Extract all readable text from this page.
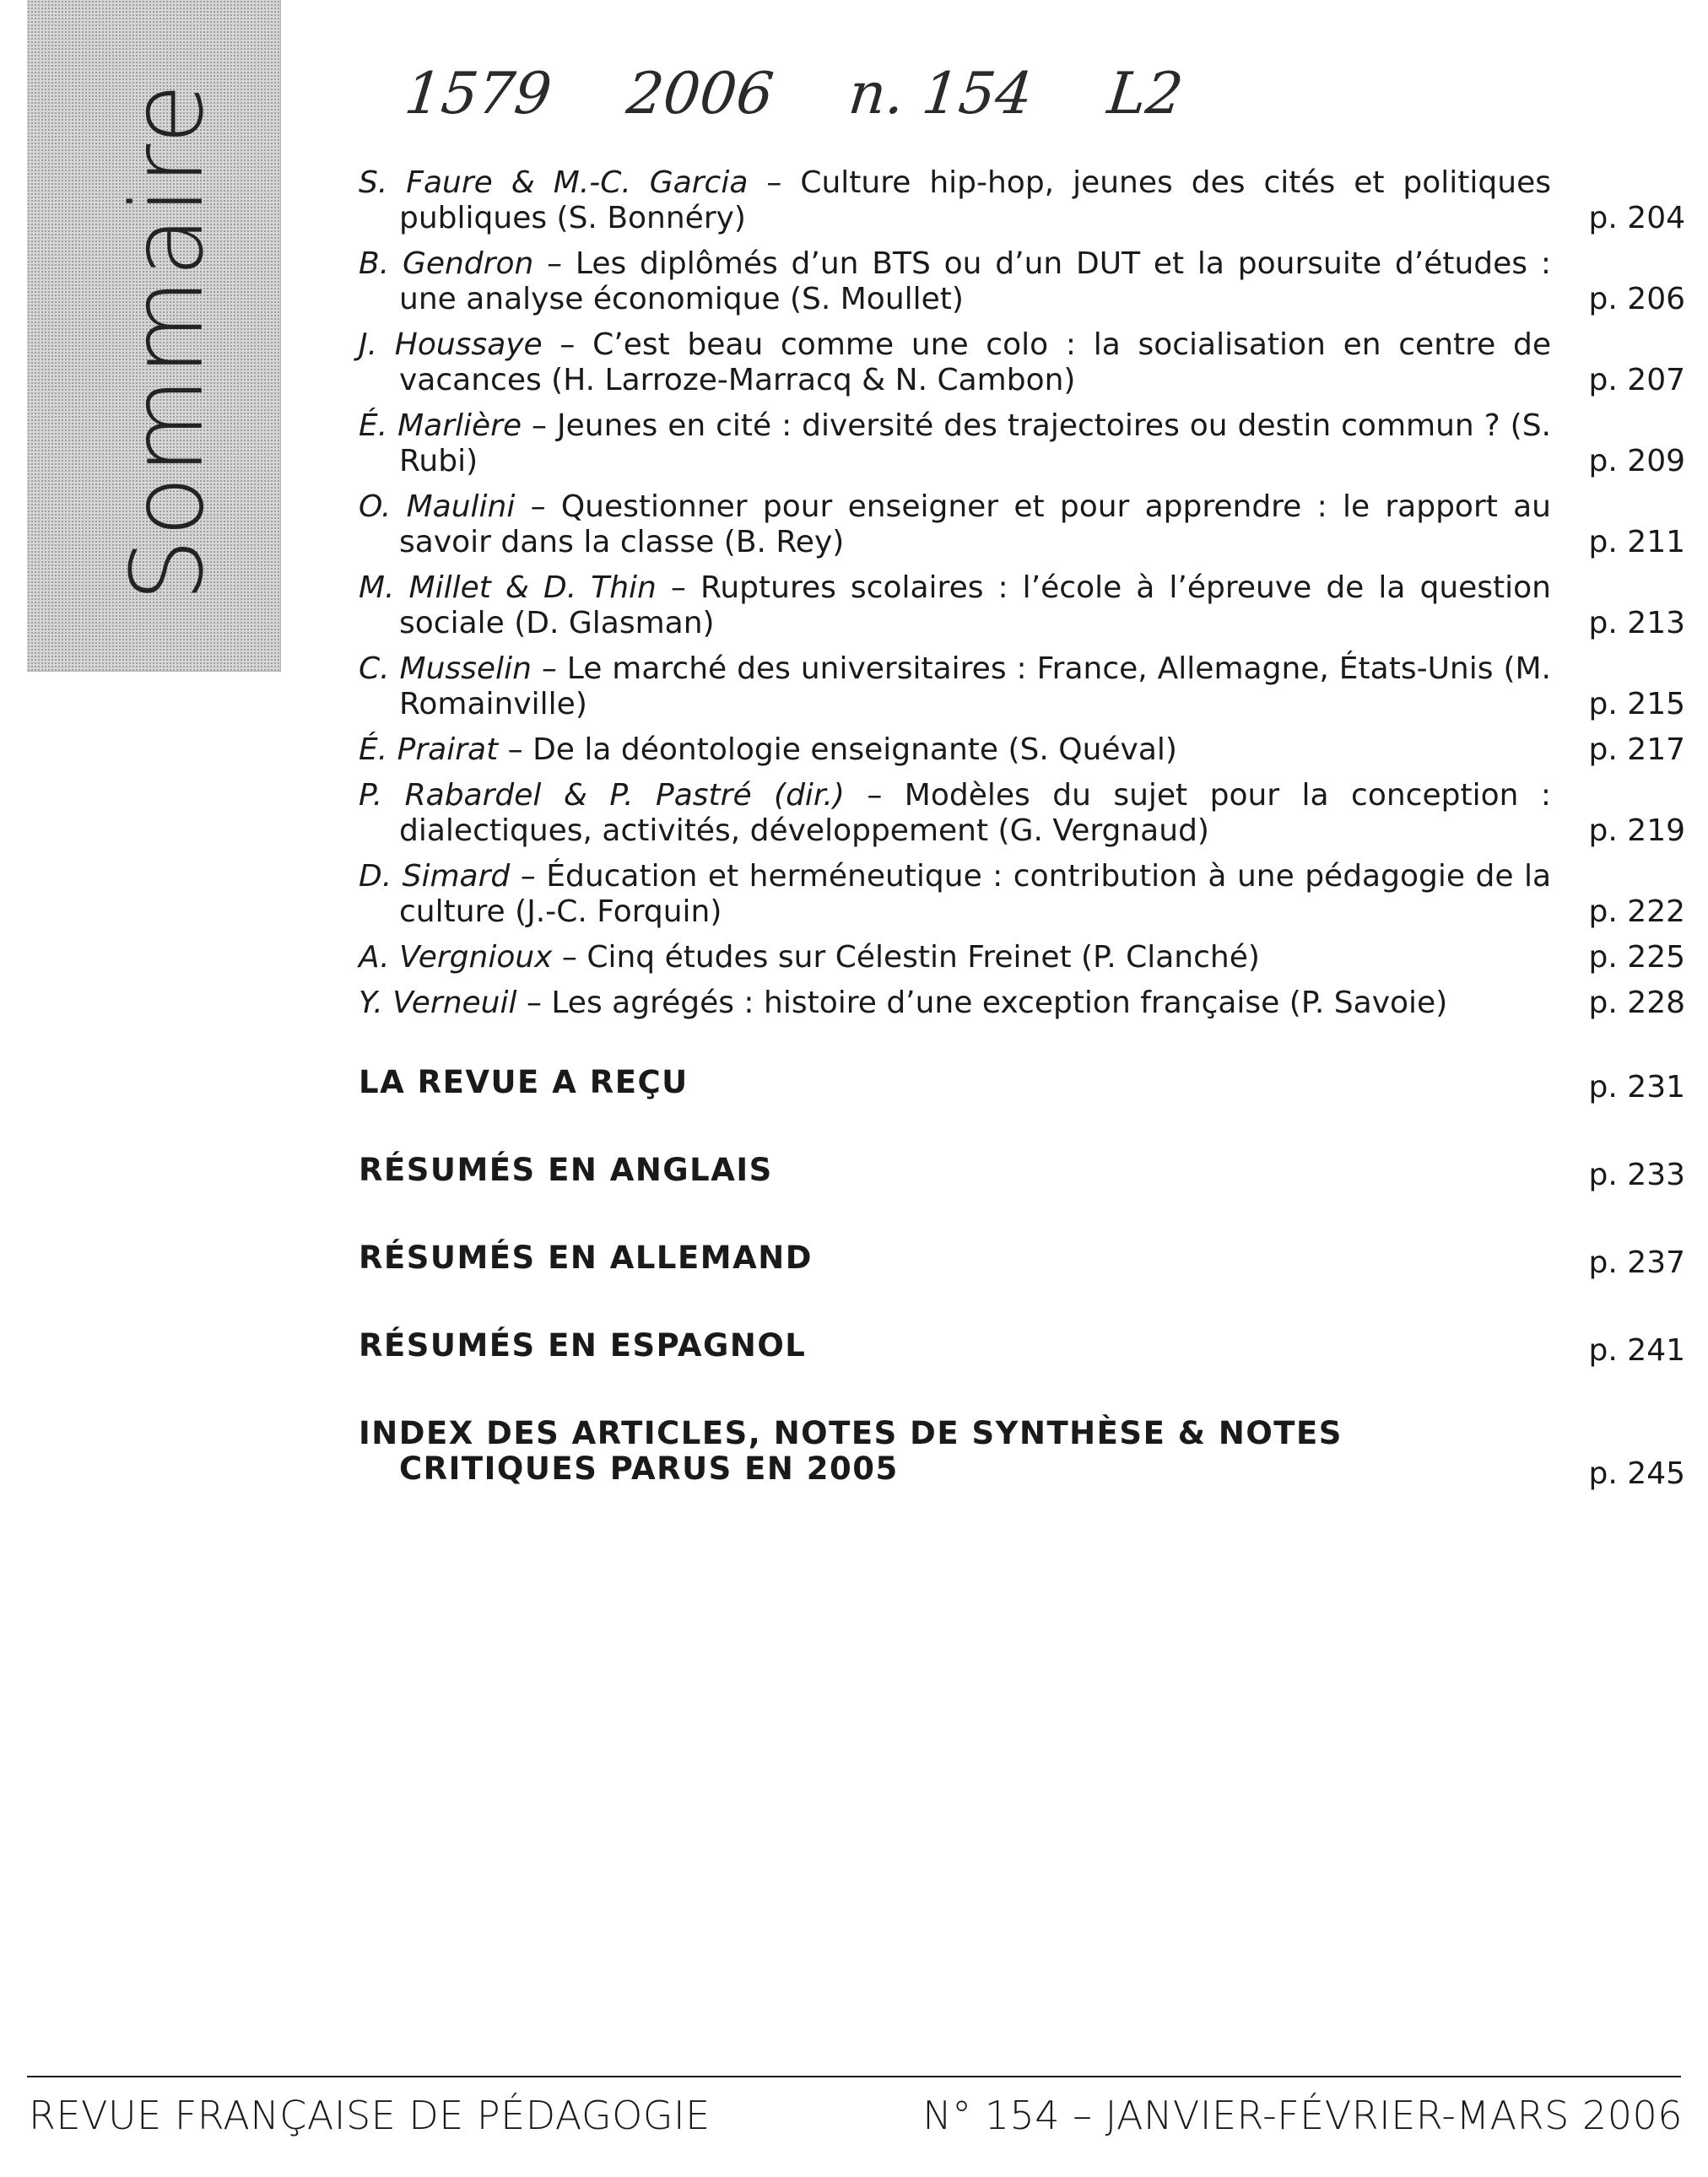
Sommaire	1579 2006 n. 154 L2
S. Faure & M.-C. Garcia – Culture hip-hop, jeunes des cités et politiques publiques (S. Bonnéry)	p. 204
B. Gendron – Les diplômés d’un BTS ou d’un DUT et la poursuite d’études : une analyse économique (S. Moullet)	p. 206
J. Houssaye – C’est beau comme une colo : la socialisation en centre de vacances (H. Larroze-Marracq & N. Cambon)	p. 207
É. Marlière – Jeunes en cité : diversité des trajectoires ou destin commun ? (S. Rubi)	p. 209
O. Maulini – Questionner pour enseigner et pour apprendre : le rapport au savoir dans la classe (B. Rey)	p. 211
M. Millet & D. Thin – Ruptures scolaires : l’école à l’épreuve de la question sociale (D. Glasman)	p. 213
C. Musselin – Le marché des universitaires : France, Allemagne, États-Unis (M. Romainville)	p. 215
É. Prairat – De la déontologie enseignante (S. Quéval)	p. 217
P. Rabardel & P. Pastré (dir.) – Modèles du sujet pour la conception : dialectiques, activités, développement (G. Vergnaud)	p. 219
D. Simard – Éducation et herméneutique : contribution à une pédagogie de la culture (J.-C. Forquin)	p. 222
A. Vergnioux – Cinq études sur Célestin Freinet (P. Clanché)	p. 225
Y. Verneuil – Les agrégés : histoire d’une exception française (P. Savoie)	p. 228
LA REVUE A REÇU	p. 231
RÉSUMÉS EN ANGLAIS	p. 233
RÉSUMÉS EN ALLEMAND	p. 237
RÉSUMÉS EN ESPAGNOL	p. 241
INDEX DES ARTICLES, NOTES DE SYNTHÈSE & NOTES CRITIQUES PARUS EN 2005	p. 245
REVUE FRANÇAISE DE PÉDAGOGIE	N° 154 – JANVIER-FÉVRIER-MARS 2006
